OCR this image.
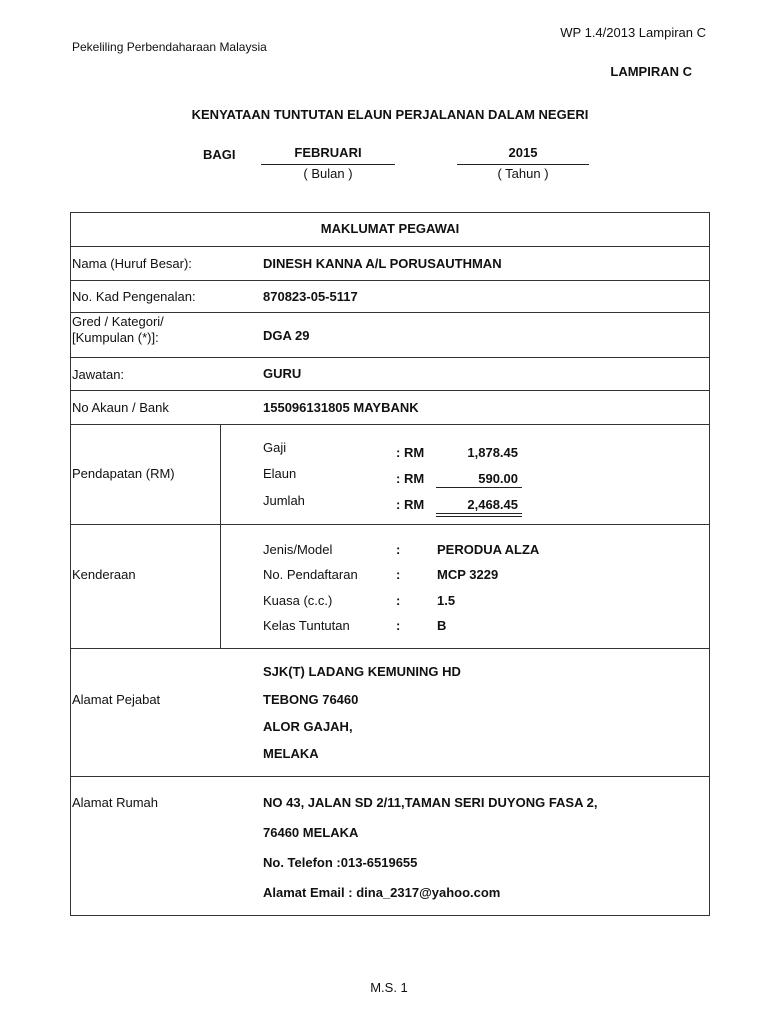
WP 1.4/2013 Lampiran C
Pekeliling Perbendaharaan Malaysia
LAMPIRAN C
KENYATAAN TUNTUTAN ELAUN PERJALANAN DALAM NEGERI
BAGI	FEBRUARI
( Bulan )
2015
( Tahun )
MAKLUMAT PEGAWAI
Nama (Huruf Besar):	DINESH KANNA A/L PORUSAUTHMAN
No. Kad Pengenalan:	870823-05-5117
Gred / Kategori/
[Kumpulan (*)]:	DGA 29
Jawatan:	GURU
No Akaun / Bank	155096131805 MAYBANK
Pendapatan (RM)
Gaji	: RM	1,878.45
Elaun	: RM	590.00
Jumlah	: RM	2,468.45
Kenderaan
Jenis/Model	:	PERODUA ALZA
No. Pendaftaran	:	MCP 3229
Kuasa (c.c.)	:	1.5
Kelas Tuntutan	:	B
Alamat Pejabat
SJK(T) LADANG KEMUNING HD
TEBONG 76460
ALOR GAJAH,
MELAKA
Alamat Rumah	NO 43, JALAN SD 2/11,TAMAN SERI DUYONG FASA 2,
76460 MELAKA
No. Telefon :013-6519655
Alamat Email : dina_2317@yahoo.com
M.S. 1
